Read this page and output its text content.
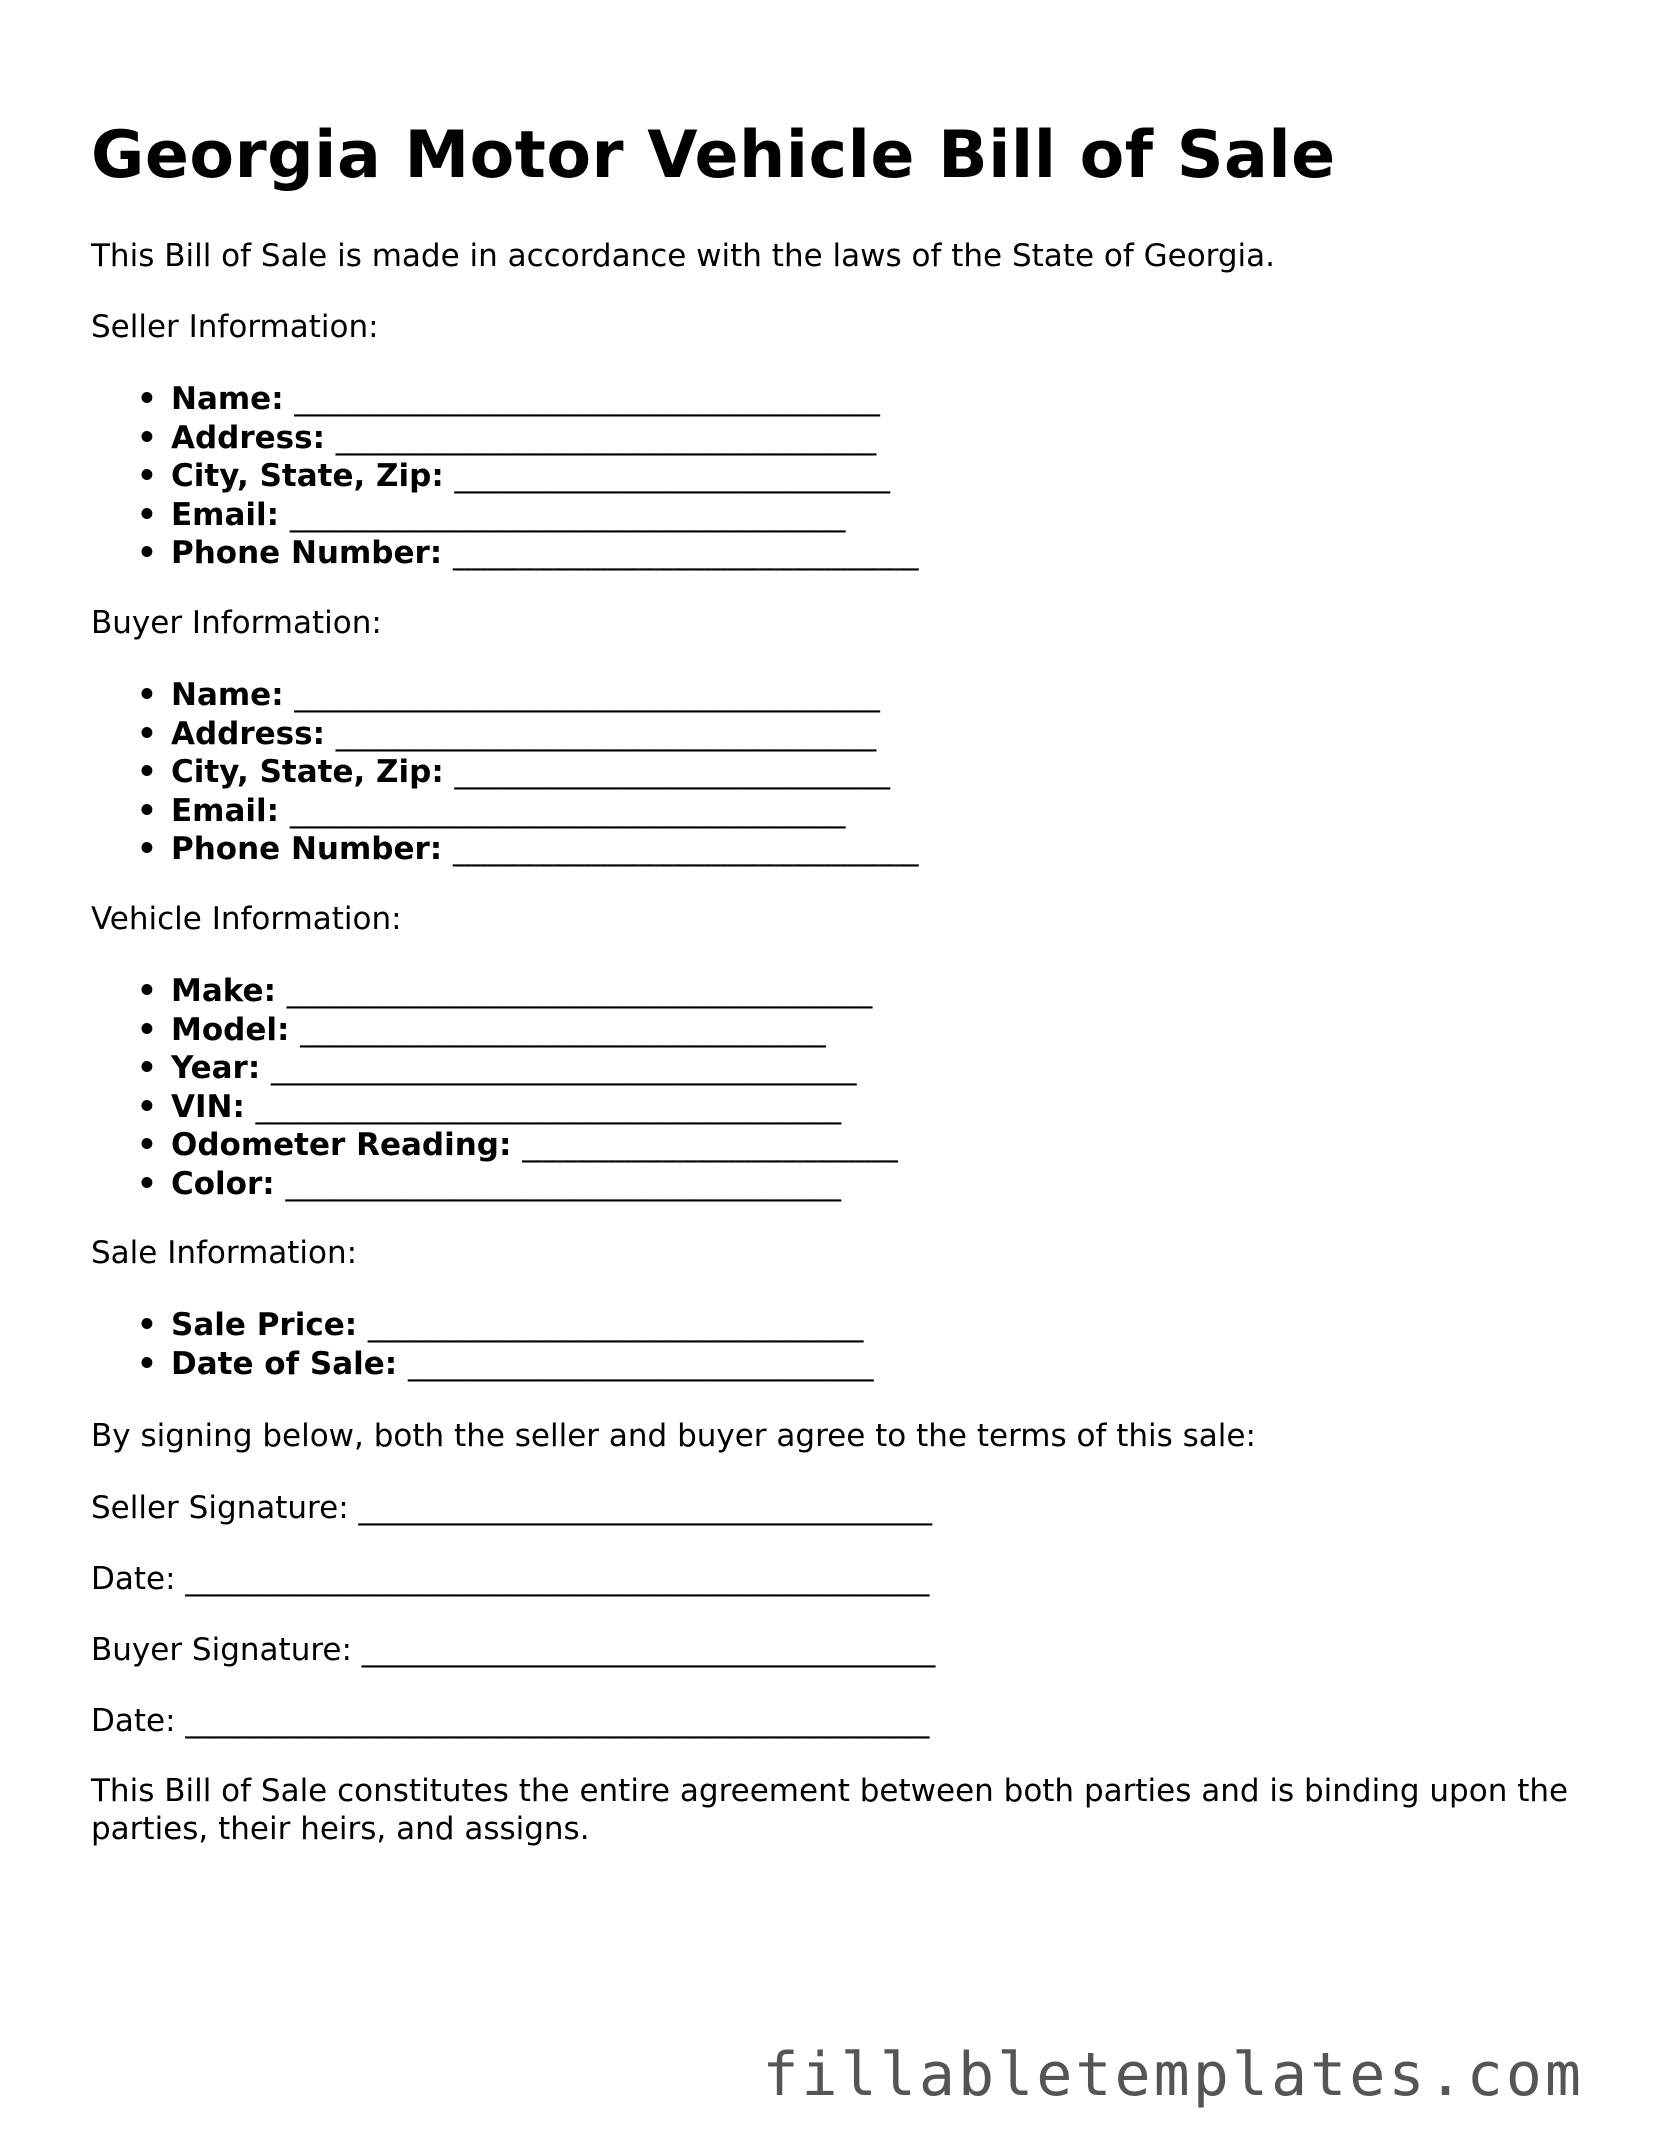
Georgia Motor Vehicle Bill of Sale

This Bill of Sale is made in accordance with the laws of the State of Georgia.

Seller Information:

• Name: _______________________________________
• Address: ____________________________________
• City, State, Zip: _____________________________
• Email: _____________________________________
• Phone Number: _______________________________

Buyer Information:

• Name: _______________________________________
• Address: ____________________________________
• City, State, Zip: _____________________________
• Email: _____________________________________
• Phone Number: _______________________________

Vehicle Information:

• Make: _______________________________________
• Model: ___________________________________
• Year: _______________________________________
• VIN: _______________________________________
• Odometer Reading: _________________________
• Color: _____________________________________

Sale Information:

• Sale Price: _________________________________
• Date of Sale: _______________________________

By signing below, both the seller and buyer agree to the terms of this sale:

Seller Signature: _____________________________________

Date: ________________________________________________

Buyer Signature: _____________________________________

Date: ________________________________________________

This Bill of Sale constitutes the entire agreement between both parties and is binding upon the parties, their heirs, and assigns.

fillabletemplates.com
